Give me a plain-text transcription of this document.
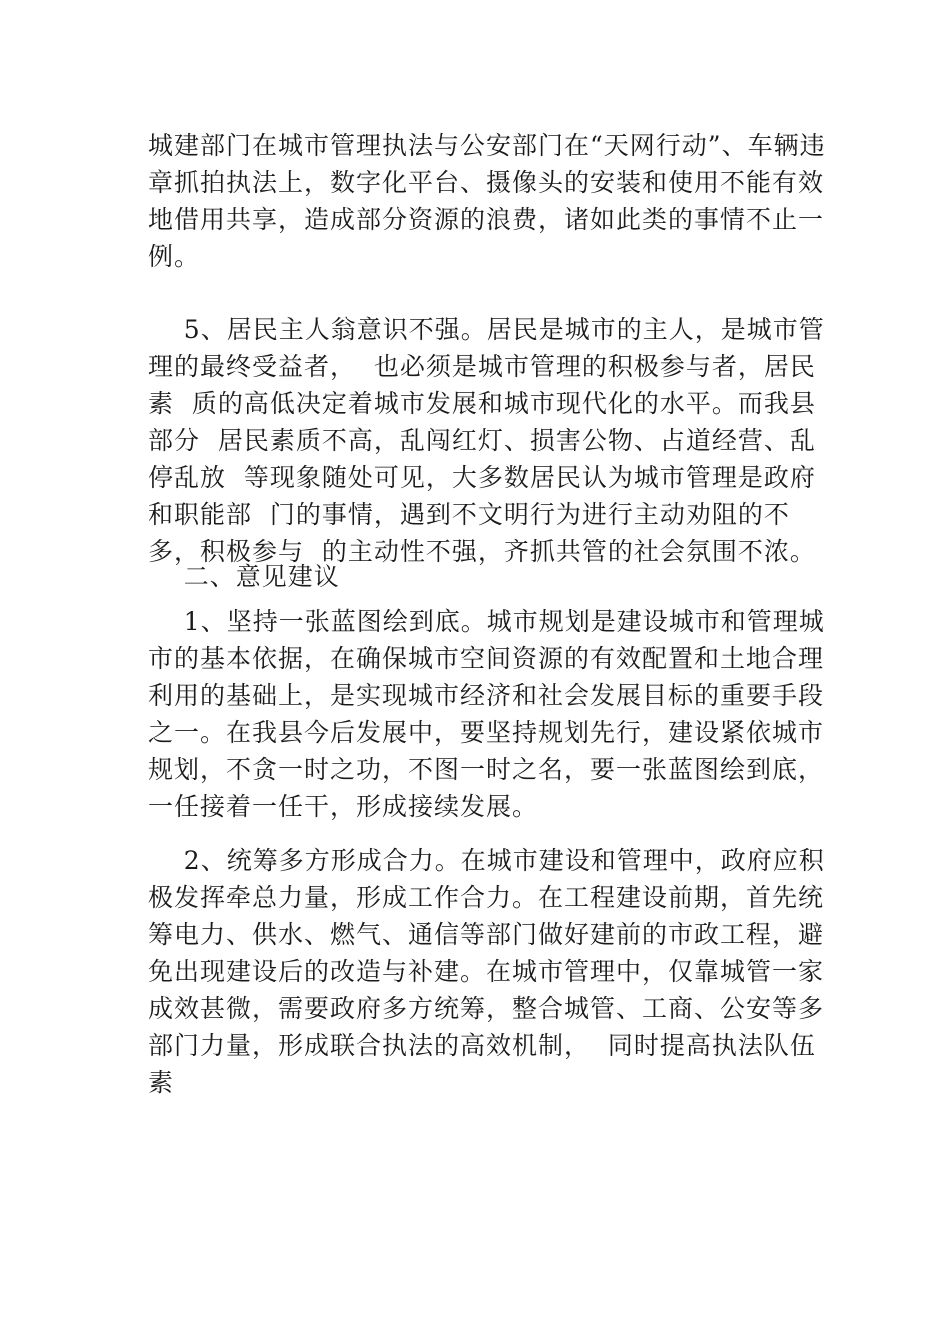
城建部门在城市管理执法与公安部门在“天网行动”、车辆违
章抓拍执法上，数字化平台、摄像头的安装和使用不能有效
地借用共享，造成部分资源的浪费，诸如此类的事情不止一
例。
5、居民主人翁意识不强。居民是城市的主人，是城市管
理的最终受益者，  也必须是城市管理的积极参与者，居民
素  质的高低决定着城市发展和城市现代化的水平。而我县
部分  居民素质不高，乱闯红灯、损害公物、占道经营、乱
停乱放  等现象随处可见，大多数居民认为城市管理是政府
和职能部  门的事情，遇到不文明行为进行主动劝阻的不
多，积极参与  的主动性不强，齐抓共管的社会氛围不浓。
二、意见建议
1、坚持一张蓝图绘到底。城市规划是建设城市和管理城
市的基本依据，在确保城市空间资源的有效配置和土地合理
利用的基础上，是实现城市经济和社会发展目标的重要手段
之一。在我县今后发展中，要坚持规划先行，建设紧依城市
规划，不贪一时之功，不图一时之名，要一张蓝图绘到底，
一任接着一任干，形成接续发展。
2、统筹多方形成合力。在城市建设和管理中，政府应积
极发挥牵总力量，形成工作合力。在工程建设前期，首先统
筹电力、供水、燃气、通信等部门做好建前的市政工程，避
免出现建设后的改造与补建。在城市管理中，仅靠城管一家
成效甚微，需要政府多方统筹，整合城管、工商、公安等多
部门力量，形成联合执法的高效机制，  同时提高执法队伍
素
